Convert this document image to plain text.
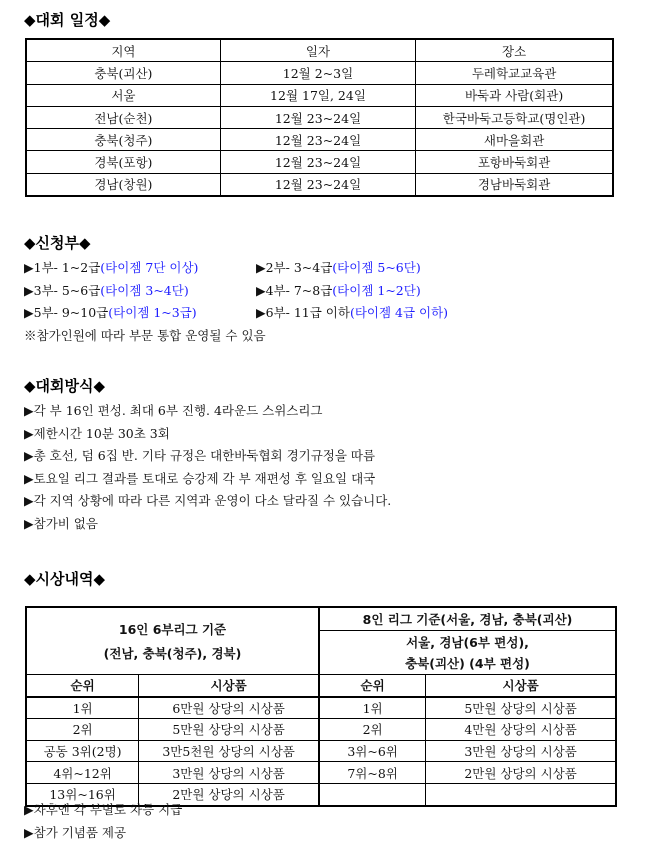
◆대회 일정◆
지역	일자	장소
충북(괴산)	12월 2~3일	두레학교교육관
서울	12월 17일, 24일	바둑과 사람(회관)
전남(순천)	12월 23~24일	한국바둑고등학교(명인관)
충북(청주)	12월 23~24일	새마을회관
경북(포항)	12월 23~24일	포항바둑회관
경남(창원)	12월 23~24일	경남바둑회관
◆신청부◆
▶1부- 1~2급(타이젬 7단 이상)	▶2부- 3~4급(타이젬 5~6단)
▶3부- 5~6급(타이젬 3~4단)	▶4부- 7~8급(타이젬 1~2단)
▶5부- 9~10급(타이젬 1~3급)	▶6부- 11급 이하(타이젬 4급 이하)
※참가인원에 따라 부문 통합 운영될 수 있음
◆대회방식◆
▶각 부 16인 편성. 최대 6부 진행. 4라운드 스위스리그
▶제한시간 10분 30초 3회
▶총 호선, 덤 6집 반. 기타 규정은 대한바둑협회 경기규정을 따름
▶토요일 리그 결과를 토대로 승강제 각 부 재편성 후 일요일 대국
▶각 지역 상황에 따라 다른 지역과 운영이 다소 달라질 수 있습니다.
▶참가비 없음
◆시상내역◆
16인 6부리그 기준
(전남, 충북(청주), 경북)		8인 리그 기준(서울, 경남, 충북(괴산)	
		서울, 경남(6부 편성),	
		충북(괴산) (4부 편성)	
순위	시상품	순위	시상품
1위	6만원 상당의 시상품	1위	5만원 상당의 시상품
2위	5만원 상당의 시상품	2위	4만원 상당의 시상품
공동 3위(2명)	3만5천원 상당의 시상품	3위~6위	3만원 상당의 시상품
4위~12위	3만원 상당의 시상품	7위~8위	2만원 상당의 시상품
13위~16위	2만원 상당의 시상품		
▶차후엔 각 부별로 차등 지급
▶참가 기념품 제공
